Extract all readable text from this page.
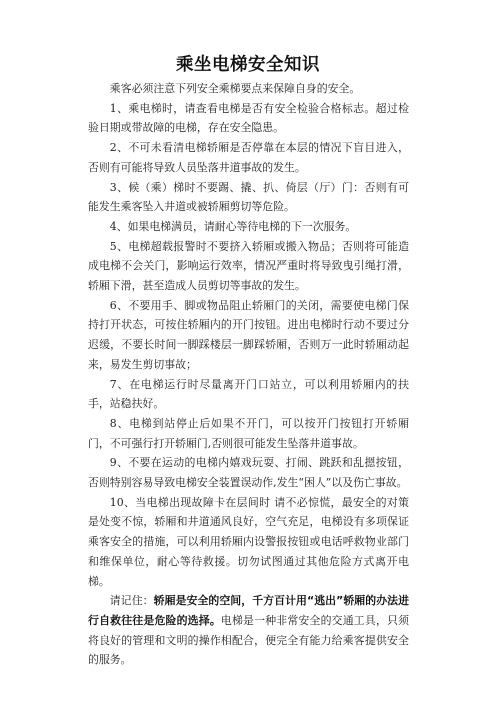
乘坐电梯安全知识

乘客必须注意下列安全乘梯要点来保障自身的安全。

1、乘电梯时，请查看电梯是否有安全检验合格标志。超过检验日期或带故障的电梯，存在安全隐患。

2、不可未看清电梯轿厢是否停靠在本层的情况下盲目进入，否则有可能将导致人员坠落井道事故的发生。

3、候（乘）梯时不要踢、撬、扒、倚层（厅）门：否则有可能发生乘客坠入井道或被轿厢剪切等危险。

4、如果电梯满员，请耐心等待电梯的下一次服务。

5、电梯超载报警时不要挤入轿厢或搬入物品；否则将可能造成电梯不会关门，影响运行效率，情况严重时将导致曳引绳打滑，轿厢下滑，甚至造成人员剪切等事故的发生。

6、不要用手、脚或物品阻止轿厢门的关闭，需要使电梯门保持打开状态，可按住轿厢内的开门按钮。进出电梯时行动不要过分迟缓，不要长时间一脚踩楼层一脚踩轿厢，否则万一此时轿厢动起来，易发生剪切事故；

7、在电梯运行时尽量离开门口站立，可以利用轿厢内的扶手，站稳扶好。

8、电梯到站停止后如果不开门，可以按开门按钮打开轿厢门，不可强行打开轿厢门,否则很可能发生坠落井道事故。

9、不要在运动的电梯内嬉戏玩耍、打闹、跳跃和乱摁按钮，否则特别容易导致电梯安全装置误动作,发生“困人”以及伤亡事故。

10、当电梯出现故障卡在层间时 请不必惊慌，最安全的对策是处变不惊，轿厢和井道通风良好，空气充足，电梯设有多项保证乘客安全的措施，可以利用轿厢内设警报按钮或电话呼救物业部门和维保单位，耐心等待救援。切勿试图通过其他危险方式离开电梯。

请记住：轿厢是安全的空间，千方百计用“逃出”轿厢的办法进行自救往往是危险的选择。电梯是一种非常安全的交通工具，只须将良好的管理和文明的操作相配合，便完全有能力给乘客提供安全的服务。
